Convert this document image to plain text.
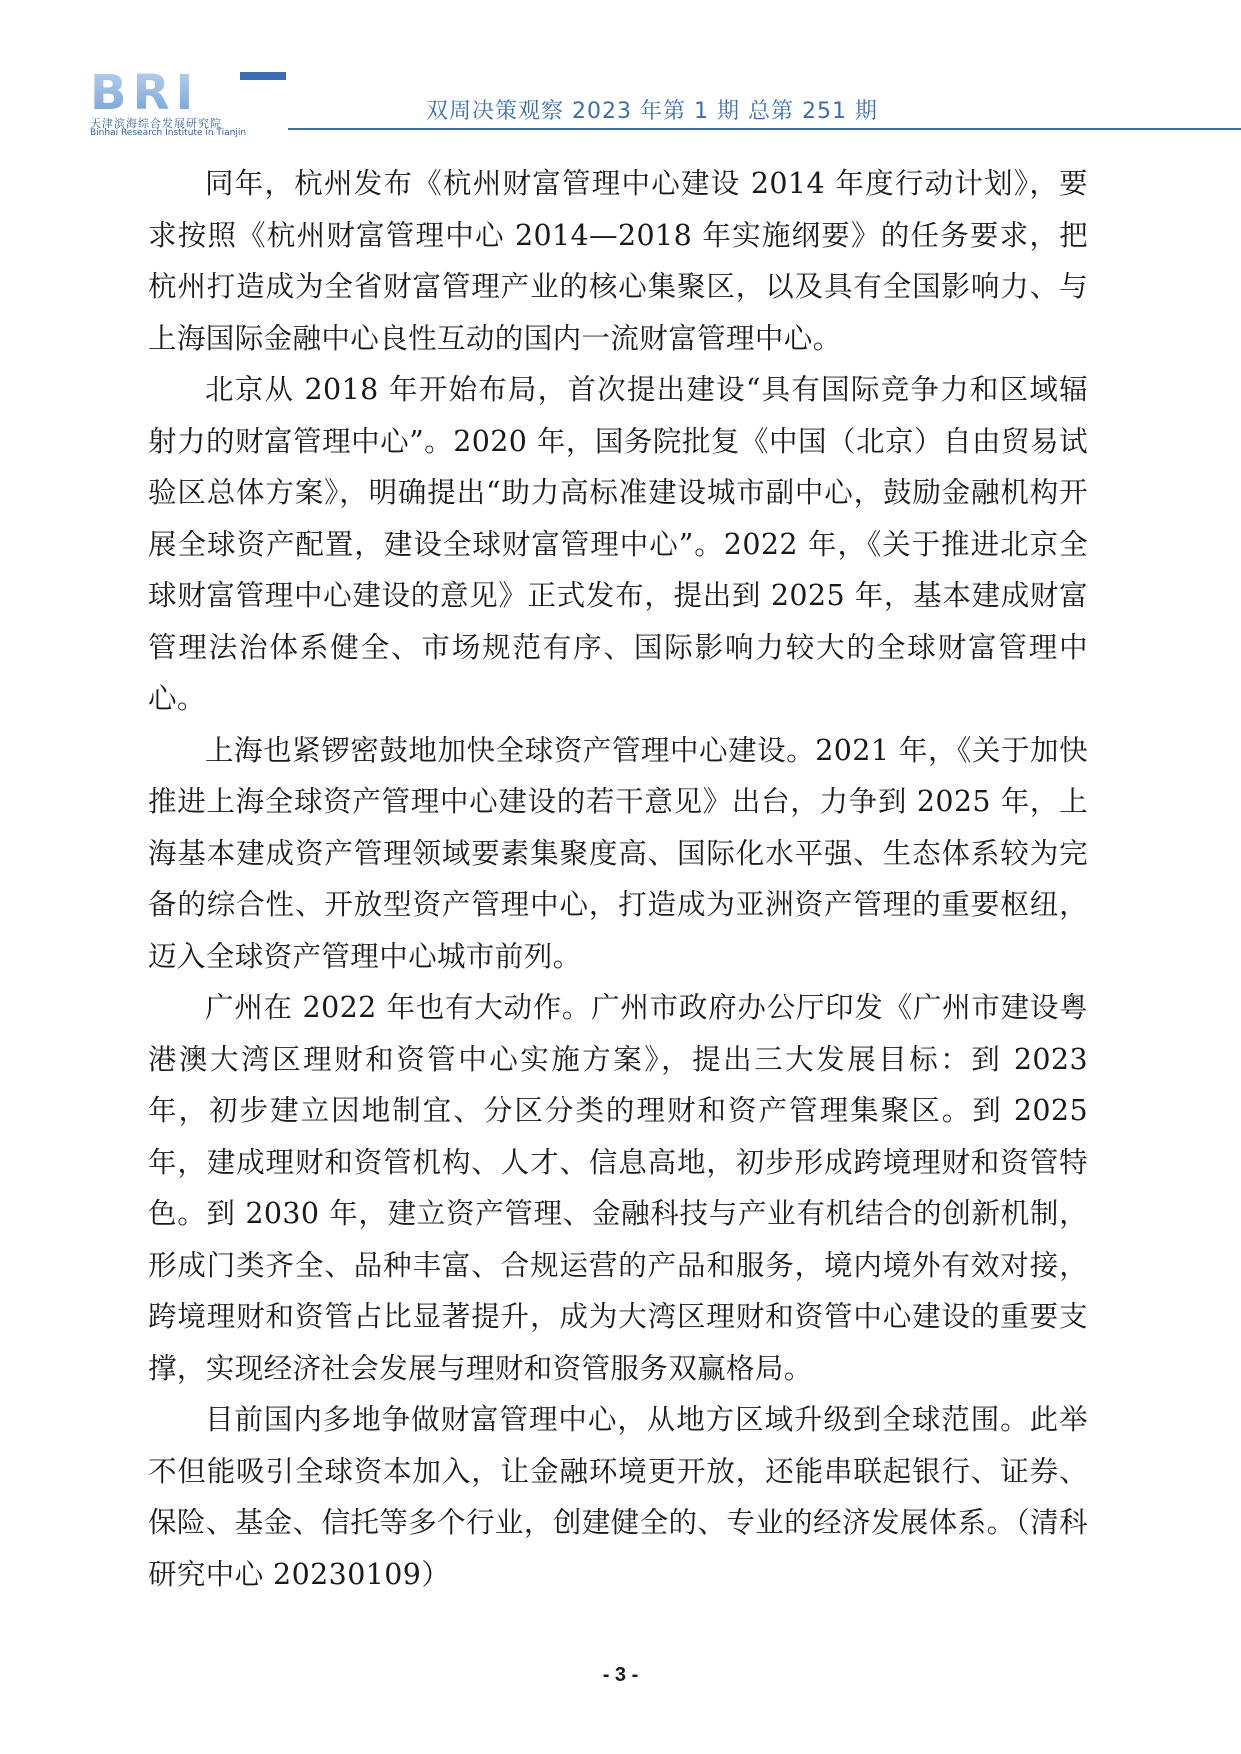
BRI
天津滨海综合发展研究院
Binhai Research Institute in Tianjin
双周决策观察 2023 年第 1 期 总第 251 期

同年，杭州发布《杭州财富管理中心建设 2014 年度行动计划》，要求按照《杭州财富管理中心 2014—2018 年实施纲要》的任务要求，把杭州打造成为全省财富管理产业的核心集聚区，以及具有全国影响力、与上海国际金融中心良性互动的国内一流财富管理中心。

北京从 2018 年开始布局，首次提出建设“具有国际竞争力和区域辐射力的财富管理中心”。2020 年，国务院批复《中国（北京）自由贸易试验区总体方案》，明确提出“助力高标准建设城市副中心，鼓励金融机构开展全球资产配置，建设全球财富管理中心”。2022 年，《关于推进北京全球财富管理中心建设的意见》正式发布，提出到 2025 年，基本建成财富管理法治体系健全、市场规范有序、国际影响力较大的全球财富管理中心。

上海也紧锣密鼓地加快全球资产管理中心建设。2021 年，《关于加快推进上海全球资产管理中心建设的若干意见》出台，力争到 2025 年，上海基本建成资产管理领域要素集聚度高、国际化水平强、生态体系较为完备的综合性、开放型资产管理中心，打造成为亚洲资产管理的重要枢纽，迈入全球资产管理中心城市前列。

广州在 2022 年也有大动作。广州市政府办公厅印发《广州市建设粤港澳大湾区理财和资管中心实施方案》，提出三大发展目标：到 2023 年，初步建立因地制宜、分区分类的理财和资产管理集聚区。到 2025 年，建成理财和资管机构、人才、信息高地，初步形成跨境理财和资管特色。到 2030 年，建立资产管理、金融科技与产业有机结合的创新机制，形成门类齐全、品种丰富、合规运营的产品和服务，境内境外有效对接，跨境理财和资管占比显著提升，成为大湾区理财和资管中心建设的重要支撑，实现经济社会发展与理财和资管服务双赢格局。

目前国内多地争做财富管理中心，从地方区域升级到全球范围。此举不但能吸引全球资本加入，让金融环境更开放，还能串联起银行、证券、保险、基金、信托等多个行业，创建健全的、专业的经济发展体系。（清科研究中心 20230109）

- 3 -
